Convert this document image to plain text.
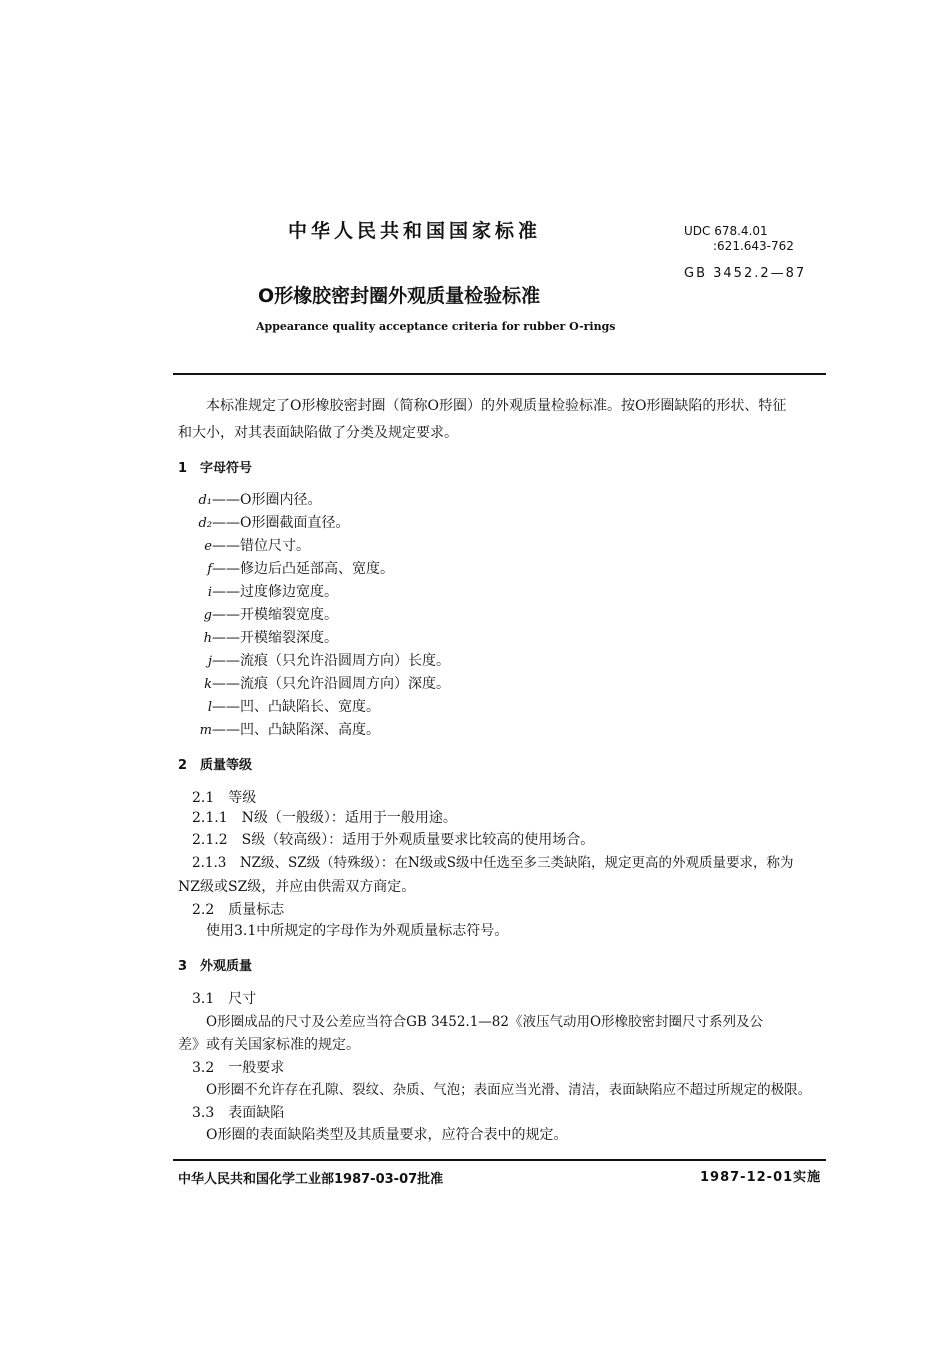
中华人民共和国国家标准	UDC 678.4.01
:621.643-762
GB 3452.2—87
O形橡胶密封圈外观质量检验标准
Appearance quality acceptance criteria for rubber O-rings
本标准规定了O形橡胶密封圈（简称O形圈）的外观质量检验标准。按O形圈缺陷的形状、特征
和大小，对其表面缺陷做了分类及规定要求。
1　字母符号
d₁——O形圈内径。
d₂——O形圈截面直径。
e——错位尺寸。
f——修边后凸延部高、宽度。
i——过度修边宽度。
g——开模缩裂宽度。
h——开模缩裂深度。
j——流痕（只允许沿圆周方向）长度。
k——流痕（只允许沿圆周方向）深度。
l——凹、凸缺陷长、宽度。
m——凹、凸缺陷深、高度。
2　质量等级
2.1　等级
2.1.1　N级（一般级）：适用于一般用途。
2.1.2　S级（较高级）：适用于外观质量要求比较高的使用场合。
2.1.3　NZ级、SZ级（特殊级）：在N级或S级中任选至多三类缺陷，规定更高的外观质量要求，称为
NZ级或SZ级，并应由供需双方商定。
2.2　质量标志
使用3.1中所规定的字母作为外观质量标志符号。
3　外观质量
3.1　尺寸
O形圈成品的尺寸及公差应当符合GB 3452.1—82《液压气动用O形橡胶密封圈尺寸系列及公
差》或有关国家标准的规定。
3.2　一般要求
O形圈不允许存在孔隙、裂纹、杂质、气泡；表面应当光滑、清洁，表面缺陷应不超过所规定的极限。
3.3　表面缺陷
O形圈的表面缺陷类型及其质量要求，应符合表中的规定。
中华人民共和国化学工业部1987-03-07批准	1987-12-01实施
